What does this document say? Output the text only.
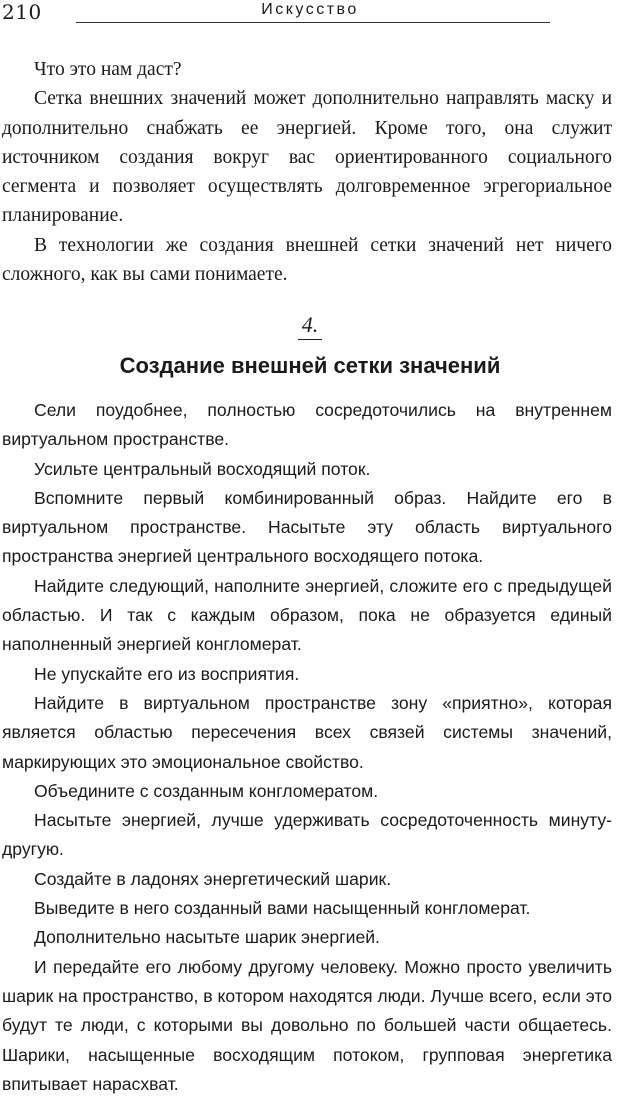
210	Искусство

Что это нам даст?

Сетка внешних значений может дополнительно направлять маску и дополнительно снабжать ее энергией. Кроме того, она служит источником создания вокруг вас ориентированного социального сегмента и позволяет осуществлять долговременное эгрегориальное планирование.

В технологии же создания внешней сетки значений нет ничего сложного, как вы сами понимаете.

4.
Создание внешней сетки значений

Сели поудобнее, полностью сосредоточились на внутреннем виртуальном пространстве.

Усильте центральный восходящий поток.

Вспомните первый комбинированный образ. Найдите его в виртуальном пространстве. Насытьте эту область виртуального пространства энергией центрального восходящего потока.

Найдите следующий, наполните энергией, сложите его с предыдущей областью. И так с каждым образом, пока не образуется единый наполненный энергией конгломерат.

Не упускайте его из восприятия.

Найдите в виртуальном пространстве зону «приятно», которая является областью пересечения всех связей системы значений, маркирующих это эмоциональное свойство.

Объедините с созданным конгломератом.

Насытьте энергией, лучше удерживать сосредоточенность минуту-другую.

Создайте в ладонях энергетический шарик.

Выведите в него созданный вами насыщенный конгломерат.

Дополнительно насытьте шарик энергией.

И передайте его любому другому человеку. Можно просто увеличить шарик на пространство, в котором находятся люди. Лучше всего, если это будут те люди, с которыми вы довольно по большей части общаетесь. Шарики, насыщенные восходящим потоком, групповая энергетика впитывает нарасхват.
